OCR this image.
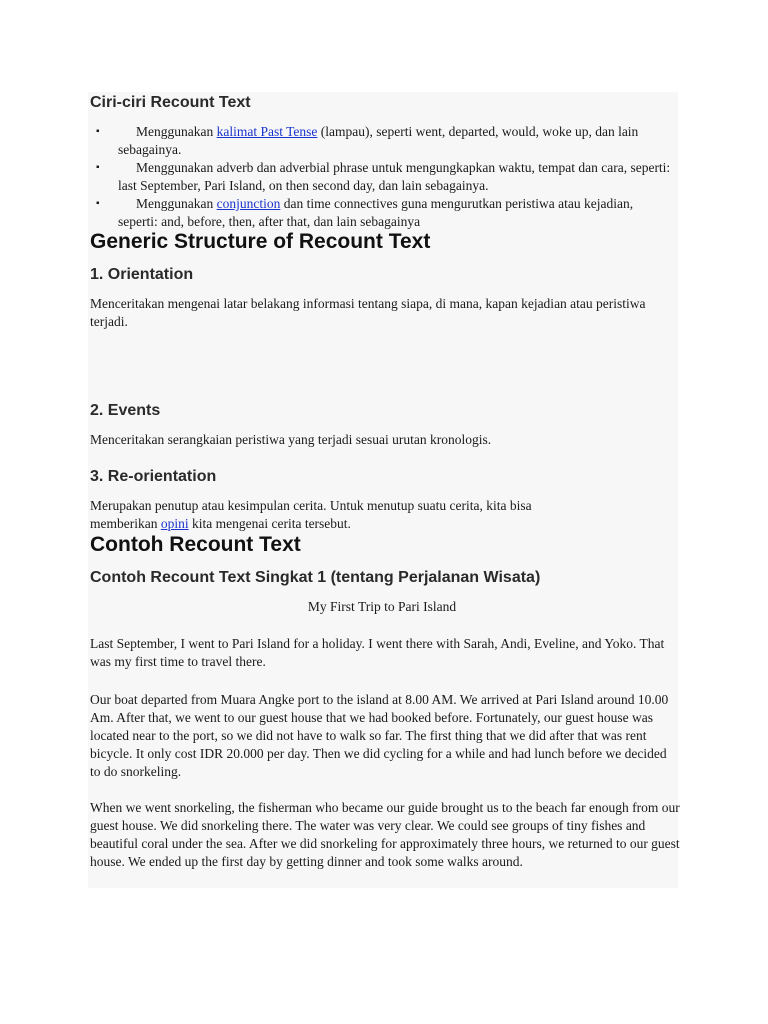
Ciri-ciri Recount Text
▪	Menggunakan kalimat Past Tense (lampau), seperti went, departed, would, woke up, dan lain sebagainya.
▪	Menggunakan adverb dan adverbial phrase untuk mengungkapkan waktu, tempat dan cara, seperti: last September, Pari Island, on then second day, dan lain sebagainya.
▪	Menggunakan conjunction dan time connectives guna mengurutkan peristiwa atau kejadian, seperti: and, before, then, after that, dan lain sebagainya
Generic Structure of Recount Text
1. Orientation

Menceritakan mengenai latar belakang informasi tentang siapa, di mana, kapan kejadian atau peristiwa terjadi.

2. Events

Menceritakan serangkaian peristiwa yang terjadi sesuai urutan kronologis.

3. Re-orientation

Merupakan penutup atau kesimpulan cerita. Untuk menutup suatu cerita, kita bisa memberikan opini kita mengenai cerita tersebut.

Contoh Recount Text
Contoh Recount Text Singkat 1 (tentang Perjalanan Wisata)

My First Trip to Pari Island

Last September, I went to Pari Island for a holiday. I went there with Sarah, Andi, Eveline, and Yoko. That was my first time to travel there.

Our boat departed from Muara Angke port to the island at 8.00 AM. We arrived at Pari Island around 10.00 Am. After that, we went to our guest house that we had booked before. Fortunately, our guest house was located near to the port, so we did not have to walk so far. The first thing that we did after that was rent bicycle. It only cost IDR 20.000 per day. Then we did cycling for a while and had lunch before we decided to do snorkeling.

When we went snorkeling, the fisherman who became our guide brought us to the beach far enough from our guest house. We did snorkeling there. The water was very clear. We could see groups of tiny fishes and beautiful coral under the sea. After we did snorkeling for approximately three hours, we returned to our guest house. We ended up the first day by getting dinner and took some walks around.
